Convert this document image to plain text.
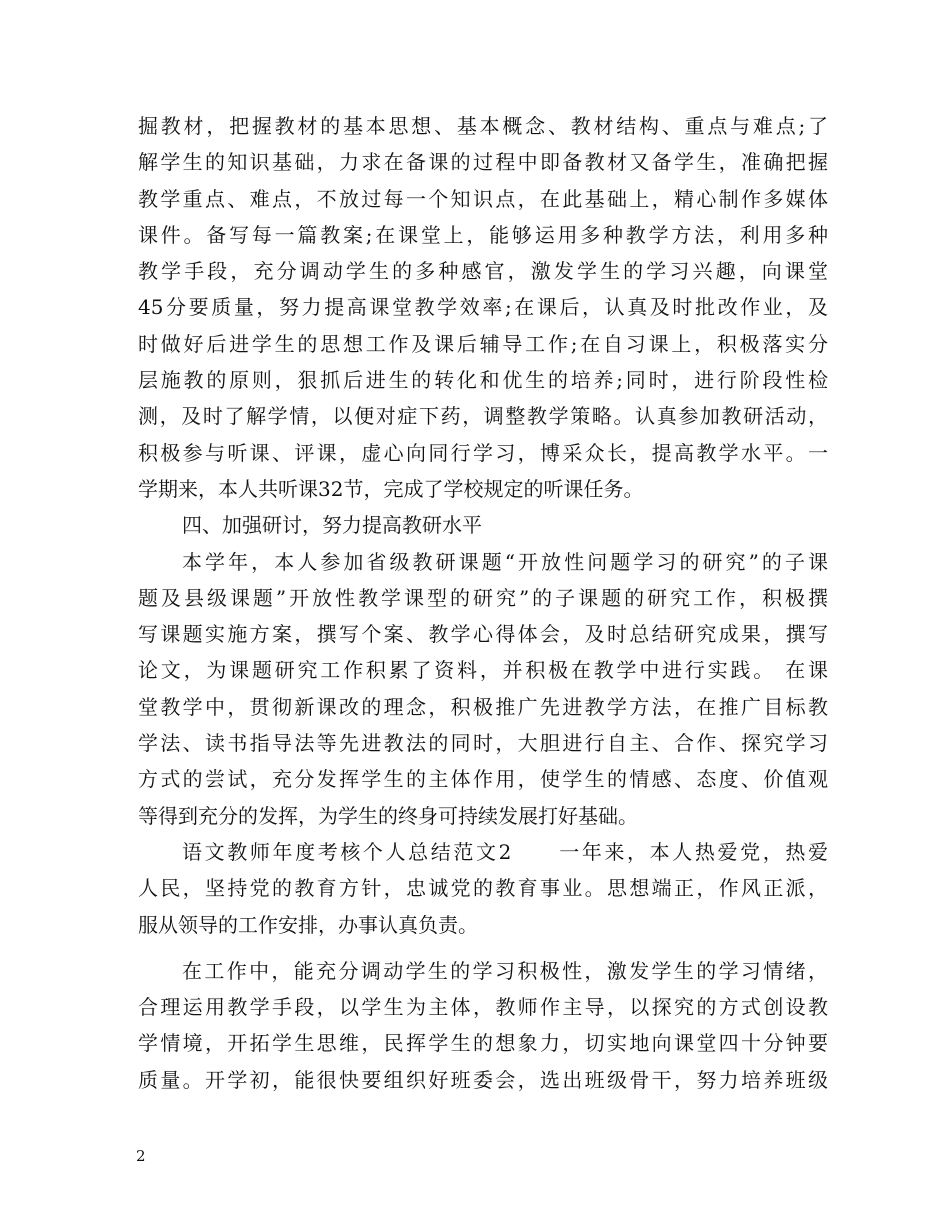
掘教材，把握教材的基本思想、基本概念、教材结构、重点与难点;了
解学生的知识基础，力求在备课的过程中即备教材又备学生，准确把握
教学重点、难点，不放过每一个知识点，在此基础上，精心制作多媒体
课件。备写每一篇教案;在课堂上，能够运用多种教学方法，利用多种
教学手段，充分调动学生的多种感官，激发学生的学习兴趣，向课堂
45分要质量，努力提高课堂教学效率;在课后，认真及时批改作业，及
时做好后进学生的思想工作及课后辅导工作;在自习课上，积极落实分
层施教的原则，狠抓后进生的转化和优生的培养;同时，进行阶段性检
测，及时了解学情，以便对症下药，调整教学策略。认真参加教研活动，
积极参与听课、评课，虚心向同行学习，博采众长，提高教学水平。一
学期来，本人共听课32节，完成了学校规定的听课任务。
四、加强研讨，努力提高教研水平
本学年，本人参加省级教研课题“开放性问题学习的研究”的子课
题及县级课题”开放性教学课型的研究”的子课题的研究工作，积极撰
写课题实施方案，撰写个案、教学心得体会，及时总结研究成果，撰写
论文，为课题研究工作积累了资料，并积极在教学中进行实践。 在课
堂教学中，贯彻新课改的理念，积极推广先进教学方法，在推广目标教
学法、读书指导法等先进教法的同时，大胆进行自主、合作、探究学习
方式的尝试，充分发挥学生的主体作用，使学生的情感、态度、价值观
等得到充分的发挥，为学生的终身可持续发展打好基础。
语文教师年度考核个人总结范文2　　一年来，本人热爱党，热爱
人民，坚持党的教育方针，忠诚党的教育事业。思想端正，作风正派，
服从领导的工作安排，办事认真负责。
在工作中，能充分调动学生的学习积极性，激发学生的学习情绪，
合理运用教学手段，以学生为主体，教师作主导，以探究的方式创设教
学情境，开拓学生思维，民挥学生的想象力，切实地向课堂四十分钟要
质量。开学初，能很快要组织好班委会，选出班级骨干，努力培养班级
2
